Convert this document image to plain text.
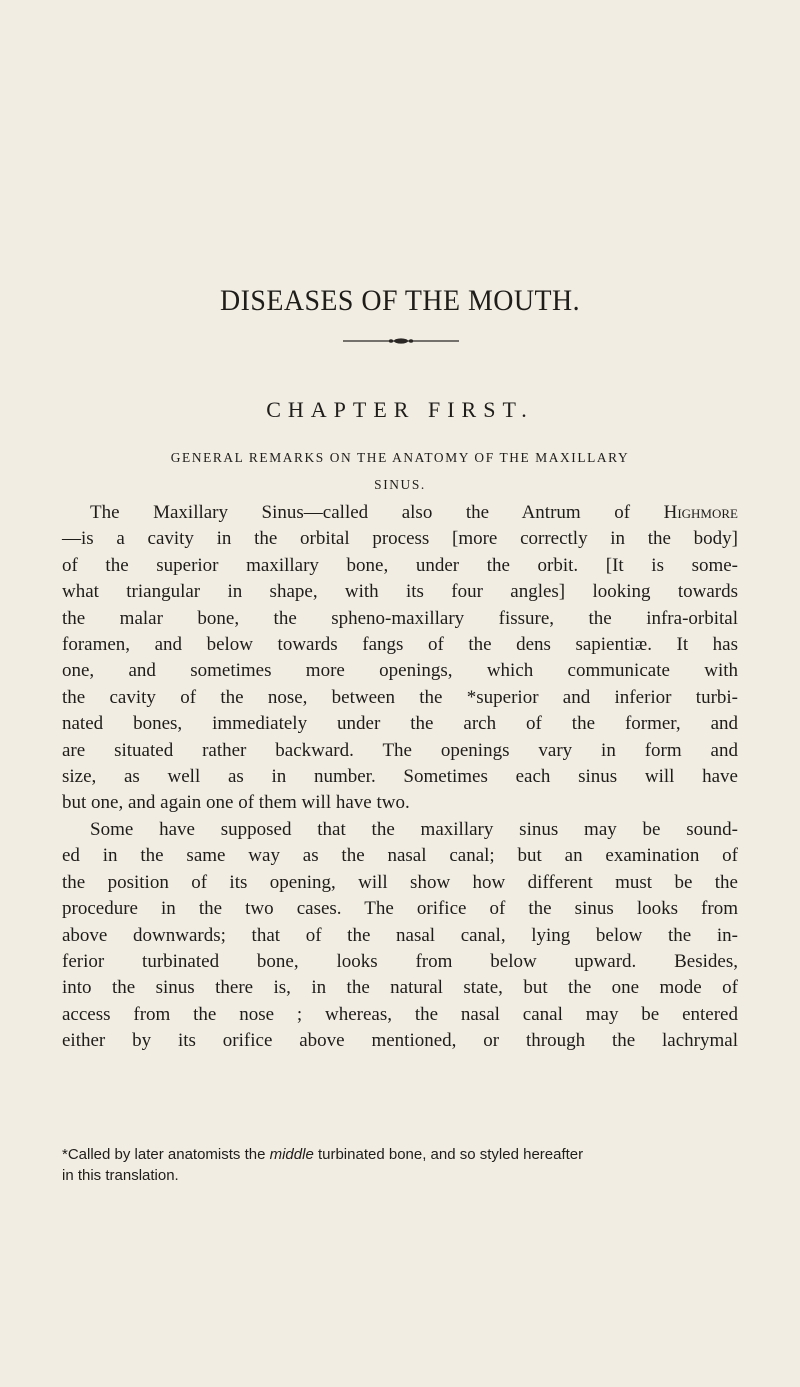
DISEASES OF THE MOUTH.
CHAPTER FIRST.
GENERAL REMARKS ON THE ANATOMY OF THE MAXILLARY
SINUS.
The Maxillary Sinus—called also the Antrum of Highmore
—is a cavity in the orbital process [more correctly in the body]
of the superior maxillary bone, under the orbit. [It is some-
what triangular in shape, with its four angles] looking towards
the malar bone, the spheno-maxillary fissure, the infra-orbital
foramen, and below towards fangs of the dens sapientiæ. It has
one, and sometimes more openings, which communicate with
the cavity of the nose, between the *superior and inferior turbi-
nated bones, immediately under the arch of the former, and
are situated rather backward. The openings vary in form and
size, as well as in number. Sometimes each sinus will have
but one, and again one of them will have two.
Some have supposed that the maxillary sinus may be sound-
ed in the same way as the nasal canal; but an examination of
the position of its opening, will show how different must be the
procedure in the two cases. The orifice of the sinus looks from
above downwards; that of the nasal canal, lying below the in-
ferior turbinated bone, looks from below upward. Besides,
into the sinus there is, in the natural state, but the one mode of
access from the nose ; whereas, the nasal canal may be entered
either by its orifice above mentioned, or through the lachrymal
*Called by later anatomists the middle turbinated bone, and so styled hereafter
in this translation.
